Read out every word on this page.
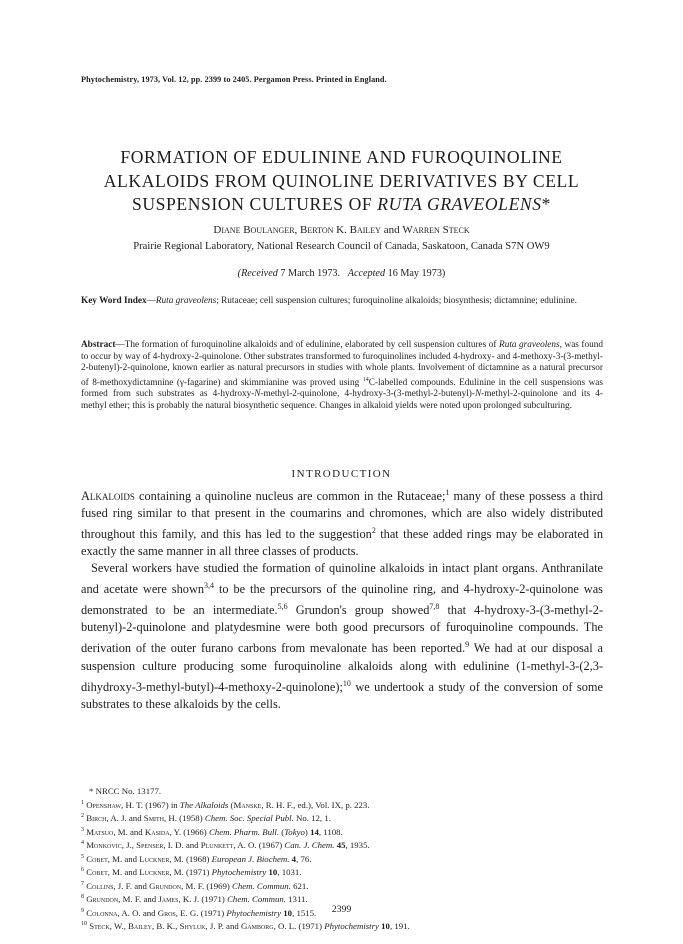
Phytochemistry, 1973, Vol. 12, pp. 2399 to 2405. Pergamon Press. Printed in England.
FORMATION OF EDULININE AND FUROQUINOLINE
ALKALOIDS FROM QUINOLINE DERIVATIVES BY CELL
SUSPENSION CULTURES OF RUTA GRAVEOLENS*
Diane Boulanger, Berton K. Bailey and Warren Steck
Prairie Regional Laboratory, National Research Council of Canada, Saskatoon, Canada S7N OW9
(Received 7 March 1973. Accepted 16 May 1973)
Key Word Index—Ruta graveolens; Rutaceae; cell suspension cultures; furoquinoline alkaloids; biosynthesis; dictamnine; edulinine.
Abstract—The formation of furoquinoline alkaloids and of edulinine, elaborated by cell suspension cultures of Ruta graveolens, was found to occur by way of 4-hydroxy-2-quinolone. Other substrates transformed to furoquinolines included 4-hydroxy- and 4-methoxy-3-(3-methyl-2-butenyl)-2-quinolone, known earlier as natural precursors in studies with whole plants. Involvement of dictamnine as a natural precursor of 8-methoxydictamnine (γ-fagarine) and skimmianine was proved using $^{14}$C-labelled compounds. Edulinine in the cell suspensions was formed from such substrates as 4-hydroxy-N-methyl-2-quinolone, 4-hydroxy-3-(3-methyl-2-butenyl)-N-methyl-2-quinolone and its 4- methyl ether; this is probably the natural biosynthetic sequence. Changes in alkaloid yields were noted upon prolonged subculturing.
INTRODUCTION

Alkaloids containing a quinoline nucleus are common in the Rutaceae;$^1$ many of these possess a third fused ring similar to that present in the coumarins and chromones, which are also widely distributed throughout this family, and this has led to the suggestion$^2$ that these added rings may be elaborated in exactly the same manner in all three classes of products.

Several workers have studied the formation of quinoline alkaloids in intact plant organs. Anthranilate and acetate were shown$^{3,4}$ to be the precursors of the quinoline ring, and 4-hydroxy-2-quinolone was demonstrated to be an intermediate.$^{5,6}$ Grundon's group showed$^{7,8}$ that 4-hydroxy-3-(3-methyl-2-butenyl)-2-quinolone and platydesmine were both good precursors of furoquinoline compounds. The derivation of the outer furano carbons from mevalonate has been reported.$^9$ We had at our disposal a suspension culture producing some furoquinoline alkaloids along with edulinine (1-methyl-3-(2,3-dihydroxy-3-methyl-butyl)-4-methoxy-2-quinolone);$^{10}$ we undertook a study of the conversion of some substrates to these alkaloids by the cells.

* NRCC No. 13177.
$^1$ Openshaw, H. T. (1967) in The Alkaloids (Manske, R. H. F., ed.), Vol. IX, p. 223.
$^2$ Birch, A. J. and Smith, H. (1958) Chem. Soc. Special Publ. No. 12, 1.
$^3$ Matsuo, M. and Kasida, Y. (1966) Chem. Pharm. Bull. (Tokyo) 14, 1108.
$^4$ Monkovic, J., Spenser, I. D. and Plunkett, A. O. (1967) Can. J. Chem. 45, 1935.
$^5$ Cobet, M. and Luckner, M. (1968) European J. Biochem. 4, 76.
$^6$ Cobet, M. and Luckner, M. (1971) Phytochemistry 10, 1031.
$^7$ Collins, J. F. and Grundon, M. F. (1969) Chem. Commun. 621.
$^8$ Grundon, M. F. and James, K. J. (1971) Chem. Commun. 1311.
$^9$ Colonna, A. O. and Gros, E. G. (1971) Phytochemistry 10, 1515.
$^{10}$ Steck, W., Bailey, B. K., Shyluk, J. P. and Gamborg, O. L. (1971) Phytochemistry 10, 191.
2399
